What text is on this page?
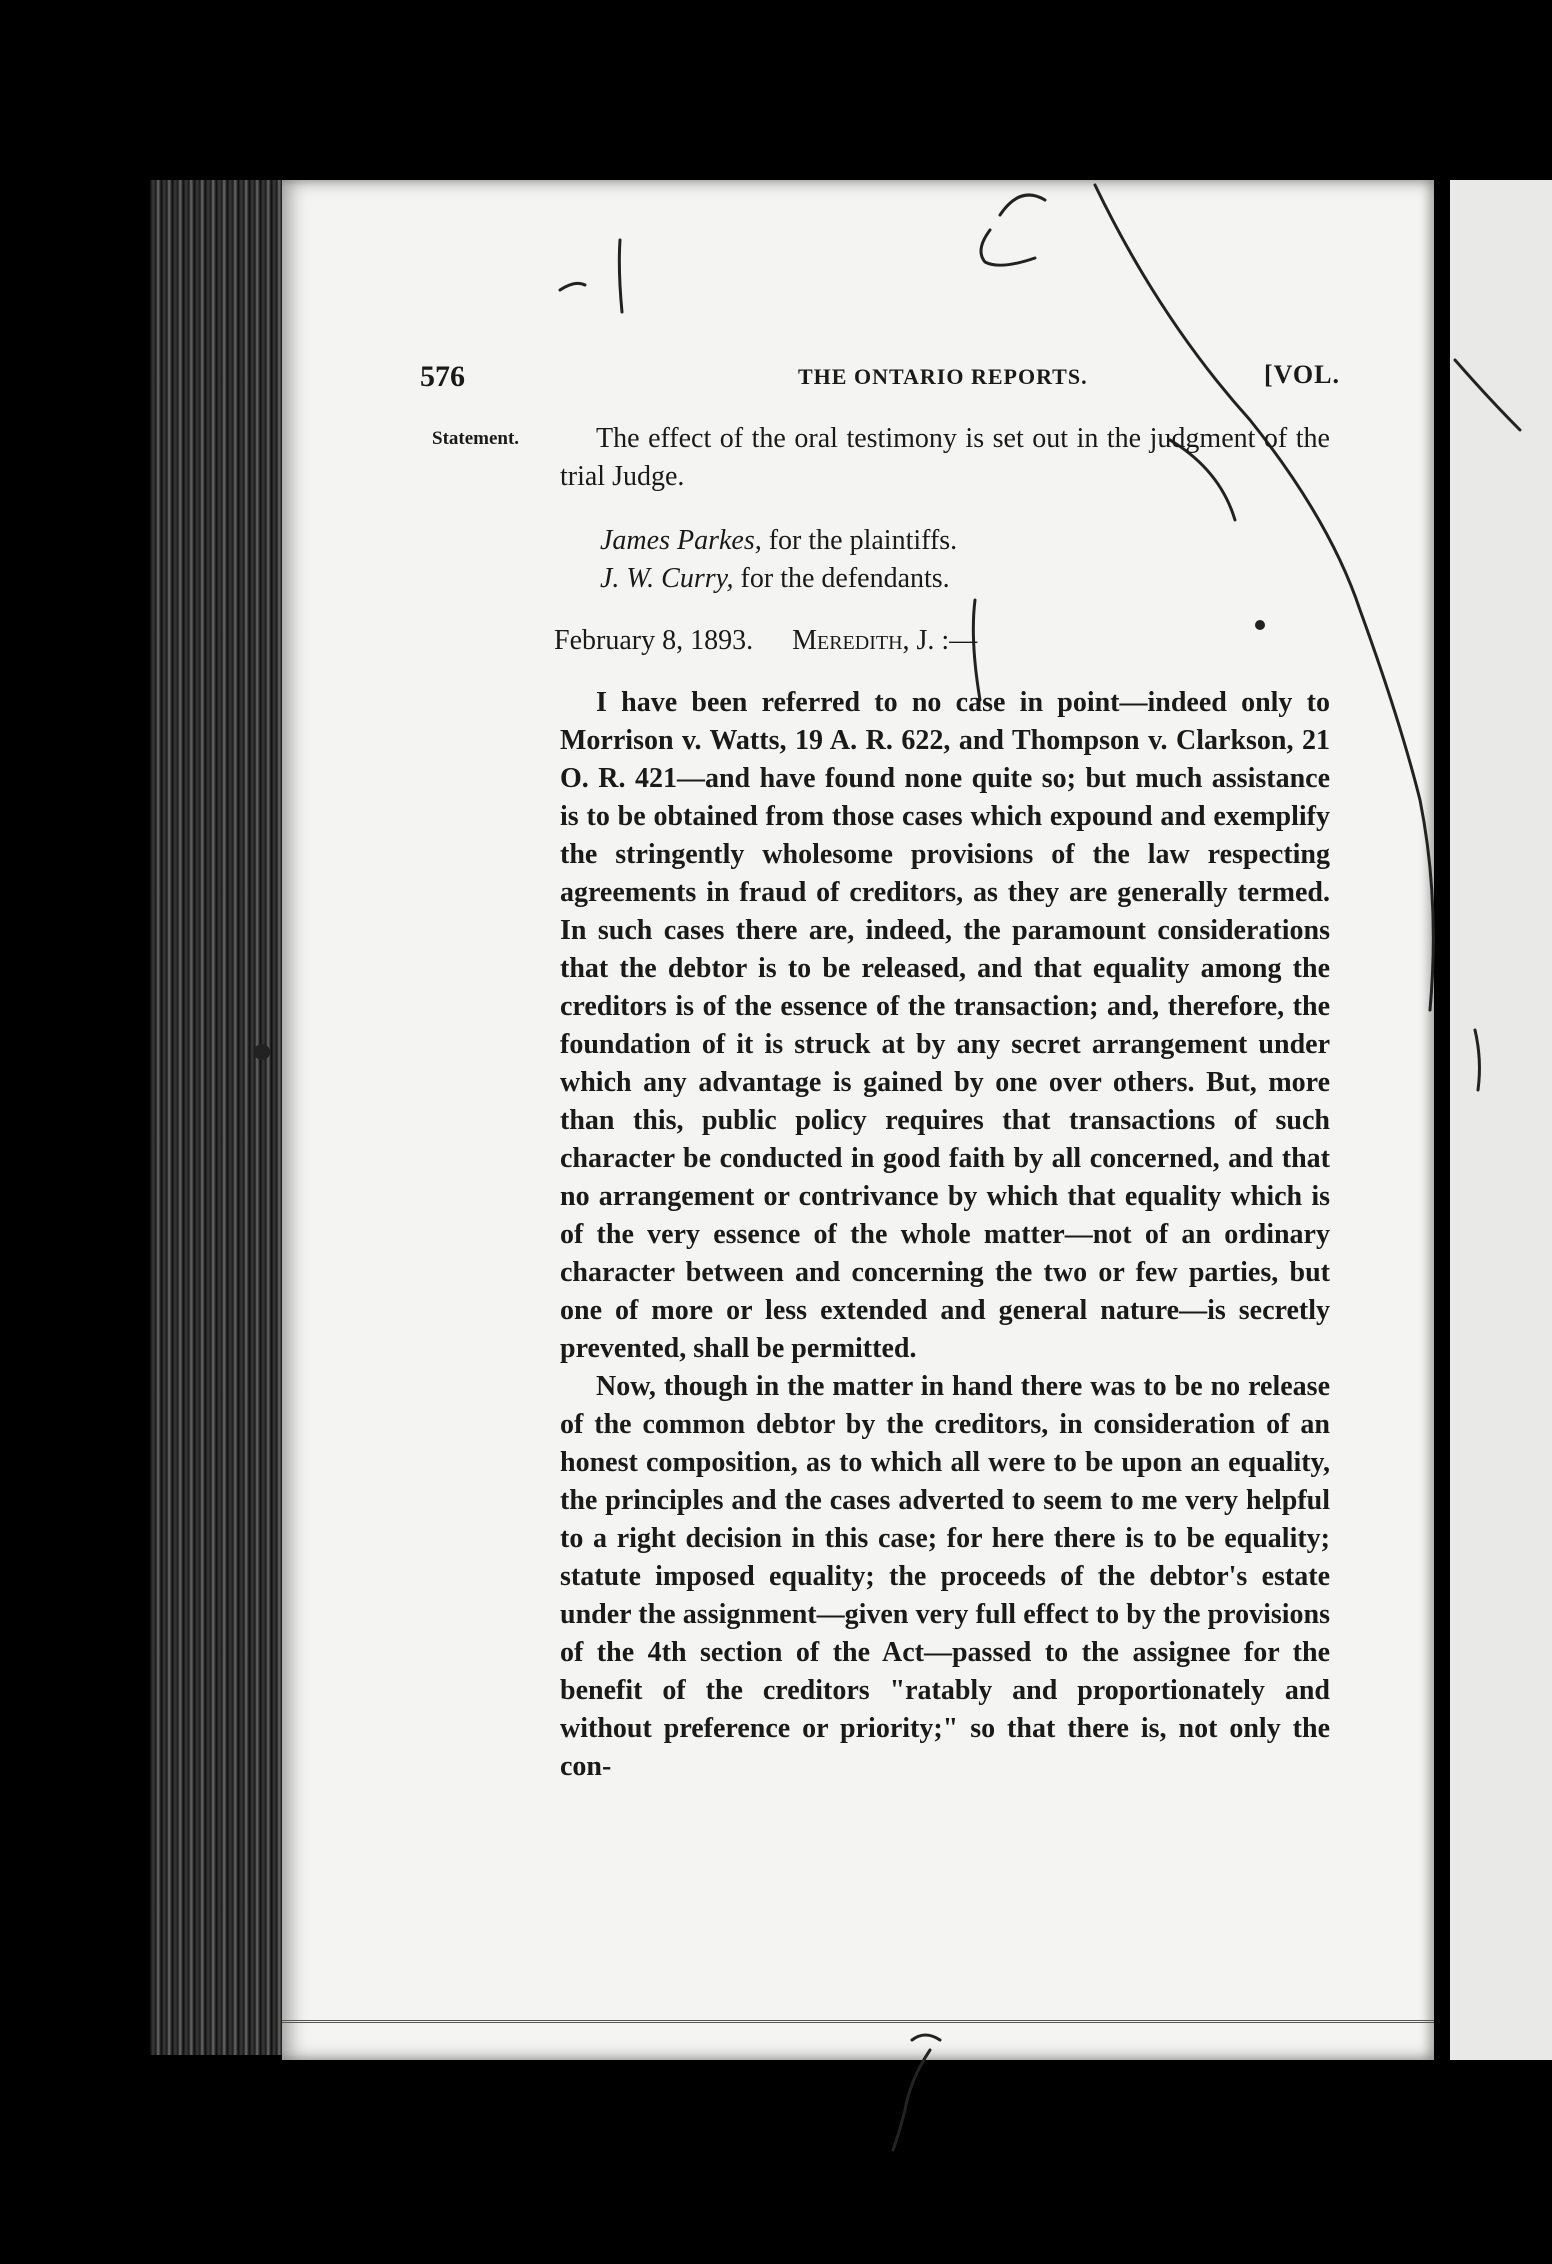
576	THE ONTARIO REPORTS.	[VOL.
Statement.	The effect of the oral testimony is set out in the judgment of the trial Judge.

James Parkes, for the plaintiffs.
J. W. Curry, for the defendants.
February 8, 1893. Meredith, J. :—

I have been referred to no case in point—indeed only to Morrison v. Watts, 19 A. R. 622, and Thompson v. Clarkson, 21 O. R. 421—and have found none quite so; but much assistance is to be obtained from those cases which expound and exemplify the stringently wholesome provisions of the law respecting agreements in fraud of creditors, as they are generally termed. In such cases there are, indeed, the paramount considerations that the debtor is to be released, and that equality among the creditors is of the essence of the transaction; and, therefore, the foundation of it is struck at by any secret arrangement under which any advantage is gained by one over others. But, more than this, public policy requires that transactions of such character be conducted in good faith by all concerned, and that no arrangement or contrivance by which that equality which is of the very essence of the whole matter—not of an ordinary character between and concerning the two or few parties, but one of more or less extended and general nature—is secretly prevented, shall be permitted.

Now, though in the matter in hand there was to be no release of the common debtor by the creditors, in consideration of an honest composition, as to which all were to be upon an equality, the principles and the cases adverted to seem to me very helpful to a right decision in this case; for here there is to be equality; statute imposed equality; the proceeds of the debtor's estate under the assignment—given very full effect to by the provisions of the 4th section of the Act—passed to the assignee for the benefit of the creditors "ratably and proportionately and without preference or priority;" so that there is, not only the con-
